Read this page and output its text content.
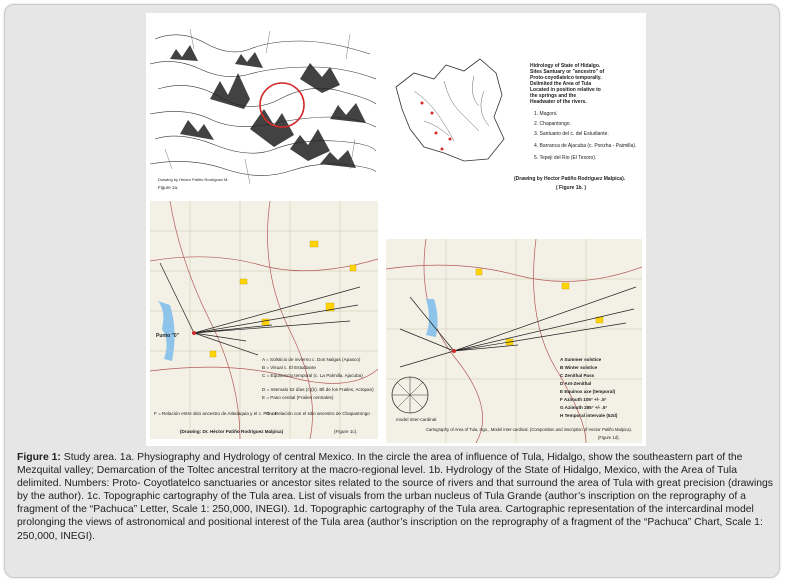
Drawing by Hector Patiño Rodríguez M.
Figure 1a.
Hidrology of State of Hidalgo.
Sites Santuary or "ancestro" of
Proto-coyotlatelco temporally.
Delimited the Area of Tula
Located in position relative to
the springs and the
Headwater of the rivers.
1. Magoni.
2. Chapantongo.
3. Santuario del c. del Estudiante.
4. Barranca de Ajacuba (c. Ponzha - Paimilla).
5. Tepeji del Rio (El Tesoro).
(Drawing by Hector Patiño Rodríguez Malpica).
( Figure 1b. )
Punto "0"
A = Solsticio de invierno c. Dos Nalgas (Apaxco)
B = Visual c. El Estudiante
C = Equinoccio temporal (c. La Palmilla, Ajacuba)
D = Intervalo 52 días (c)(b). Bll de los Frailes, Actopan)
E = Paso cenital (Frailes centrales)
F = Relación entre sitio ancestro de Atitalaquia y el c. Ponza
G = Relación con el sitio ancestro de Chapantongo
(Drawing: Dr. Héctor Patiño Rodríguez Malpica)	(Figure 1c).
model inter-cardinal
A Summer solstice
B Winter solstice
C Zenithal Pass
D Ant-Zenithal
E Equinox axe (temporal)
F Azimuth 105° +/- .5°
G Azimuth 285° +/- .5°
H Temporal intervale (52d)
Cartography of Area of Tula, Hgo., Model inter-cardinal. (Composition and inscription of Hector Patiño Malpica).
(Figure 1d).

Figure 1: Study area. 1a. Physiography and Hydrology of central Mexico. In the circle the area of influence of Tula, Hidalgo, show the southeastern part of the Mezquital valley; Demarcation of the Toltec ancestral territory at the macro-regional level. 1b. Hydrology of the State of Hidalgo, Mexico, with the Area of Tula delimited. Numbers: Proto- Coyotlatelco sanctuaries or ancestor sites related to the source of rivers and that surround the area of Tula with great precision (drawings by the author). 1c. Topographic cartography of the Tula area. List of visuals from the urban nucleus of Tula Grande (author’s inscription on the reprography of a fragment of the “Pachuca” Letter, Scale 1: 250,000, INEGI). 1d. Topographic cartography of the Tula area. Cartographic representation of the intercardinal model prolonging the views of astronomical and positional interest of the Tula area (author’s inscription on the reprography of a fragment of the “Pachuca” Chart, Scale 1: 250,000, INEGI).
